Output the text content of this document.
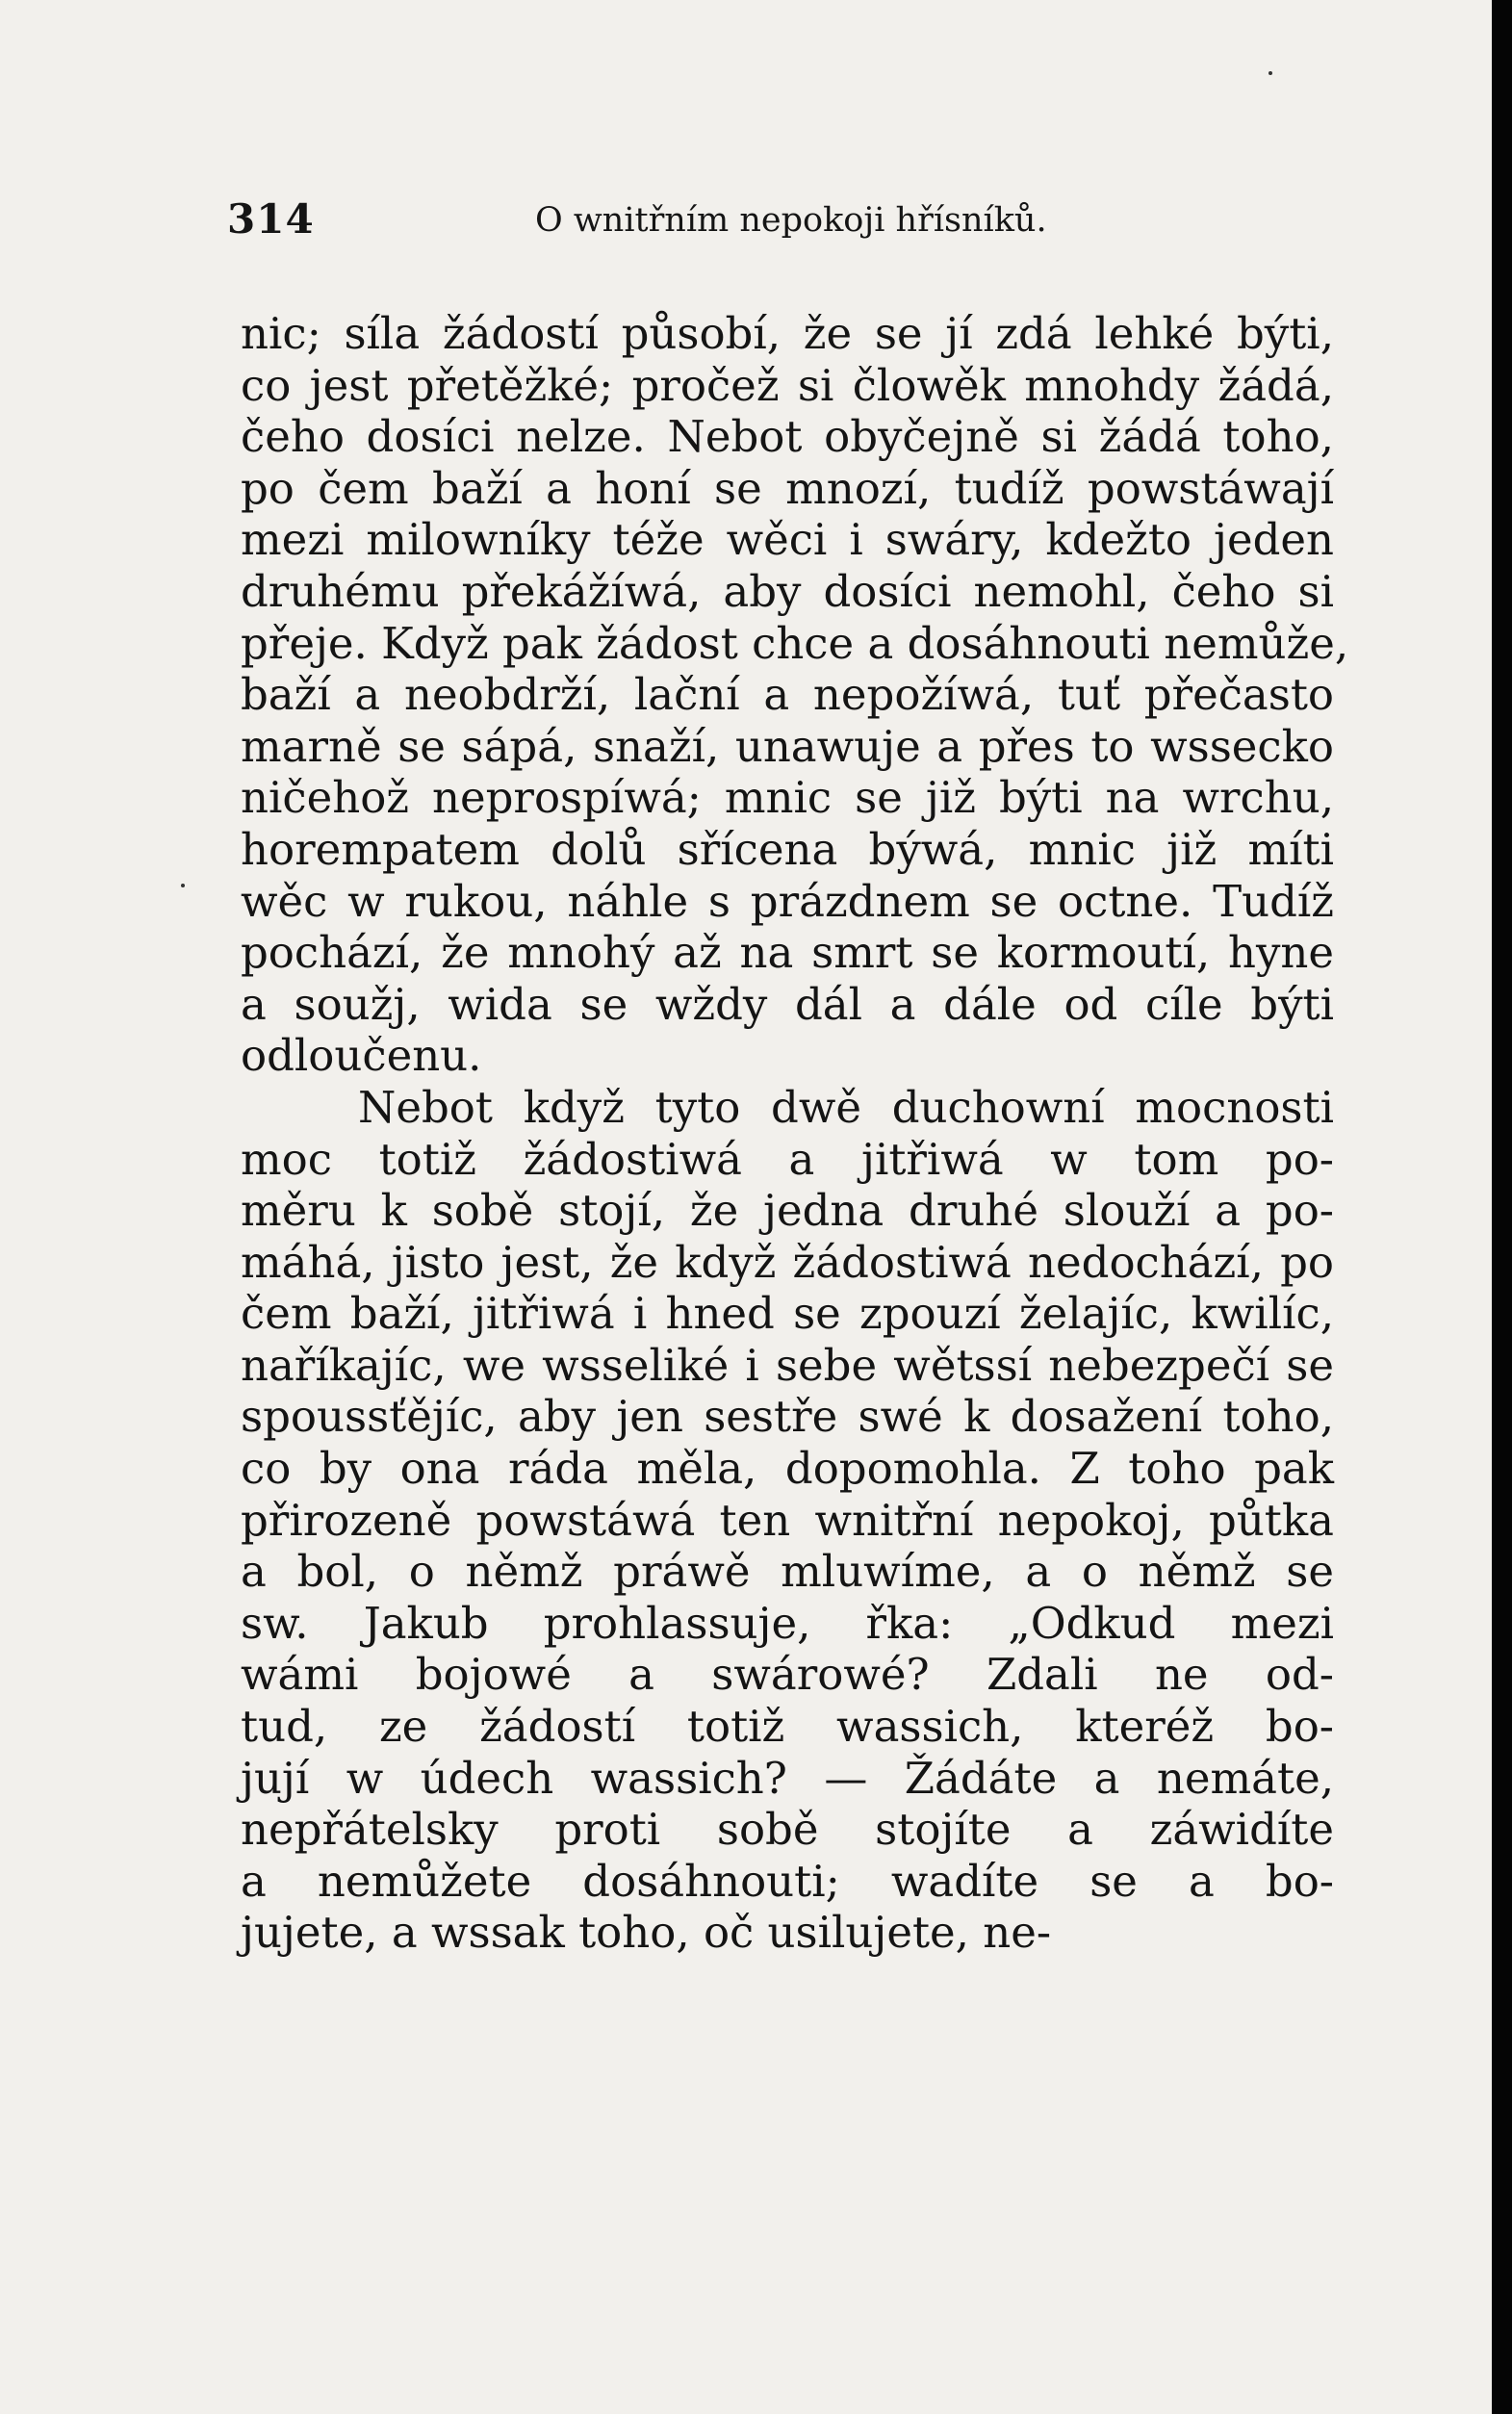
314	O wnitřním nepokoji hřísníků.
nic; síla žádostí působí, že se jí zdá lehké býti,
co jest přetěžké; pročež si člowěk mnohdy žádá,
čeho dosíci nelze. Nebot obyčejně si žádá toho,
po čem baží a honí se mnozí, tudíž powstáwají
mezi milowníky téže wěci i swáry, kdežto jeden
druhému překážíwá, aby dosíci nemohl, čeho si
přeje. Když pak žádost chce a dosáhnouti nemůže,
baží a neobdrží, lační a nepožíwá, tuť přečasto
marně se sápá, snaží, unawuje a přes to wsseckо
ničehož neprospíwá; mnic se již býti na wrchu,
horempatem dolů sřícena býwá, mnic již míti
wěc w rukou, náhle s prázdnem se octne. Tudíž
pochází, že mnohý až na smrt se kormoutí, hyne
a soužj, wida se wždy dál a dále od cíle býti
odloučenu.
Nebot když tyto dwě duchowní mocnosti
moc totiž žádostiwá a jitřiwá w tom po-
měru k sobě stojí, že jedna druhé slouží a po-
máhá, jisto jest, že když žádostiwá nedochází, po
čem baží, jitřiwá i hned se zpouzí želajíc, kwilíc,
naříkajíc, we wsseliké i sebe wětssí nebezpečí se
spoussťějíc, aby jen sestře swé k dosažení toho,
co by ona ráda měla, dopomohla. Z toho pak
přirozeně powstáwá ten wnitřní nepokoj, půtka
a bol, o němž práwě mluwíme, a o němž se
sw. Jakub prohlassuje, řka: „Odkud mezi
wámi bojowé a swárowé? Zdali ne od-
tud, ze žádostí totiž wassich, kteréž bo-
jují w údech wassich? — Žádáte a nemáte,
nepřátelsky proti sobě stojíte a záwidíte
a nemůžete dosáhnouti; wadíte se a bo-
jujete, a wssak toho, oč usilujete, ne-
